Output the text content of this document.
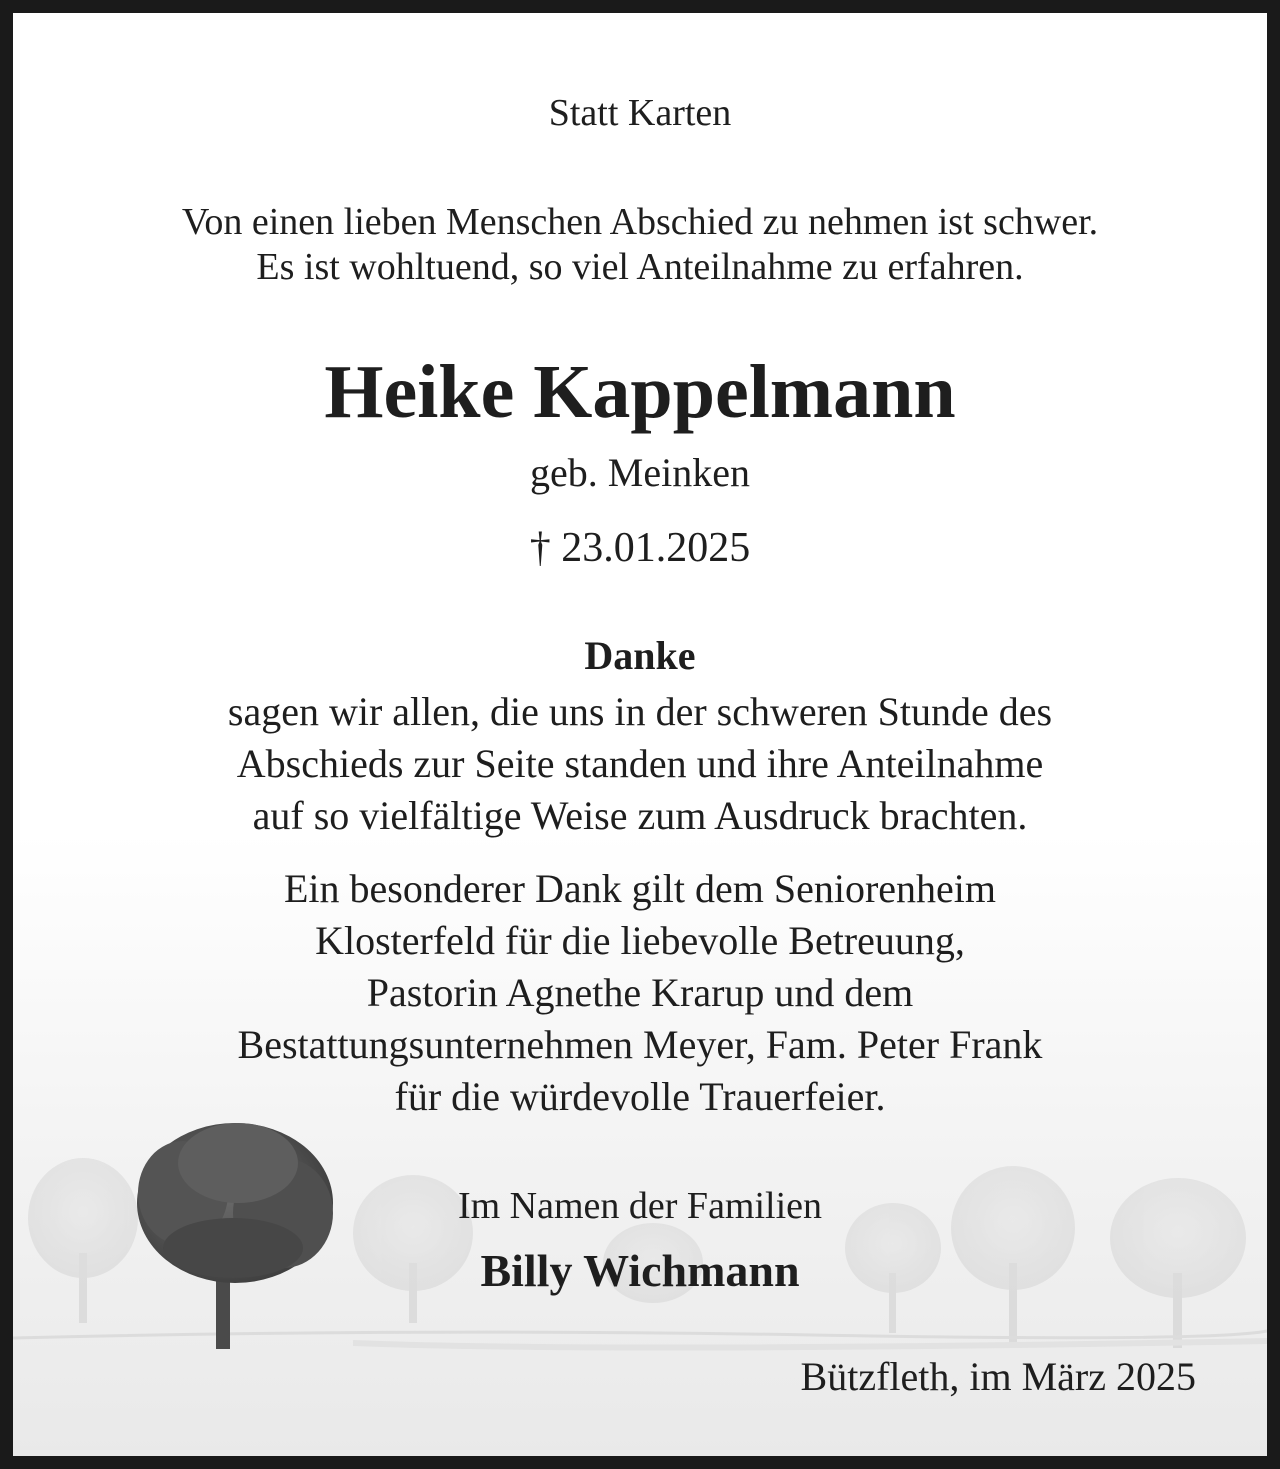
Statt Karten

Von einen lieben Menschen Abschied zu nehmen ist schwer.
Es ist wohltuend, so viel Anteilnahme zu erfahren.

Heike Kappelmann

geb. Meinken

† 23.01.2025

Danke

sagen wir allen, die uns in der schweren Stunde des
Abschieds zur Seite standen und ihre Anteilnahme
auf so vielfältige Weise zum Ausdruck brachten.

Ein besonderer Dank gilt dem Seniorenheim
Klosterfeld für die liebevolle Betreuung,
Pastorin Agnethe Krarup und dem
Bestattungsunternehmen Meyer, Fam. Peter Frank
für die würdevolle Trauerfeier.

Im Namen der Familien

Billy Wichmann

Bützfleth, im März 2025
